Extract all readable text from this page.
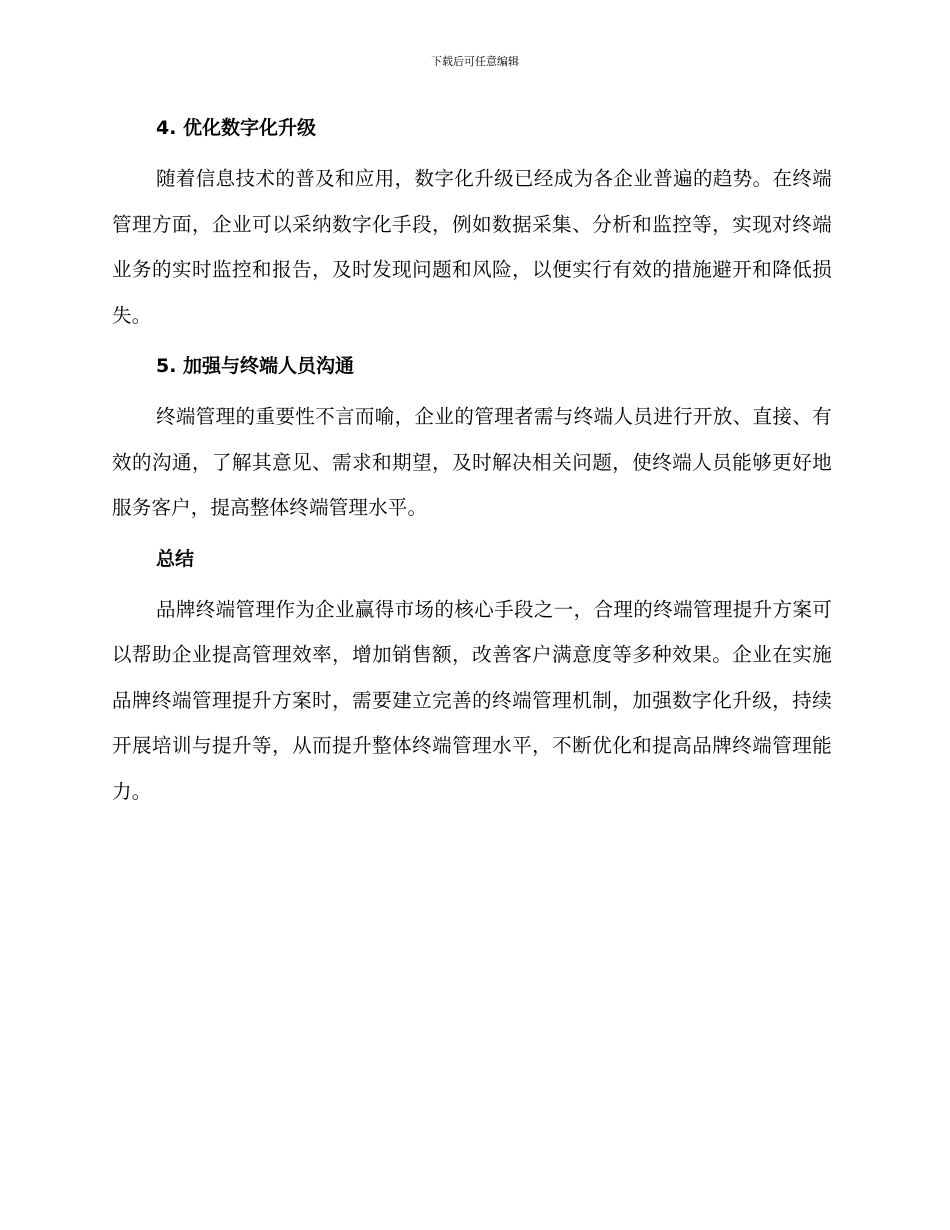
下载后可任意编辑
4. 优化数字化升级

随着信息技术的普及和应用，数字化升级已经成为各企业普遍的趋势。在终端管理方面，企业可以采纳数字化手段，例如数据采集、分析和监控等，实现对终端业务的实时监控和报告，及时发现问题和风险，以便实行有效的措施避开和降低损失。

5. 加强与终端人员沟通

终端管理的重要性不言而喻，企业的管理者需与终端人员进行开放、直接、有效的沟通，了解其意见、需求和期望，及时解决相关问题，使终端人员能够更好地服务客户，提高整体终端管理水平。

总结

品牌终端管理作为企业赢得市场的核心手段之一，合理的终端管理提升方案可以帮助企业提高管理效率，增加销售额，改善客户满意度等多种效果。企业在实施品牌终端管理提升方案时，需要建立完善的终端管理机制，加强数字化升级，持续开展培训与提升等，从而提升整体终端管理水平，不断优化和提高品牌终端管理能力。
